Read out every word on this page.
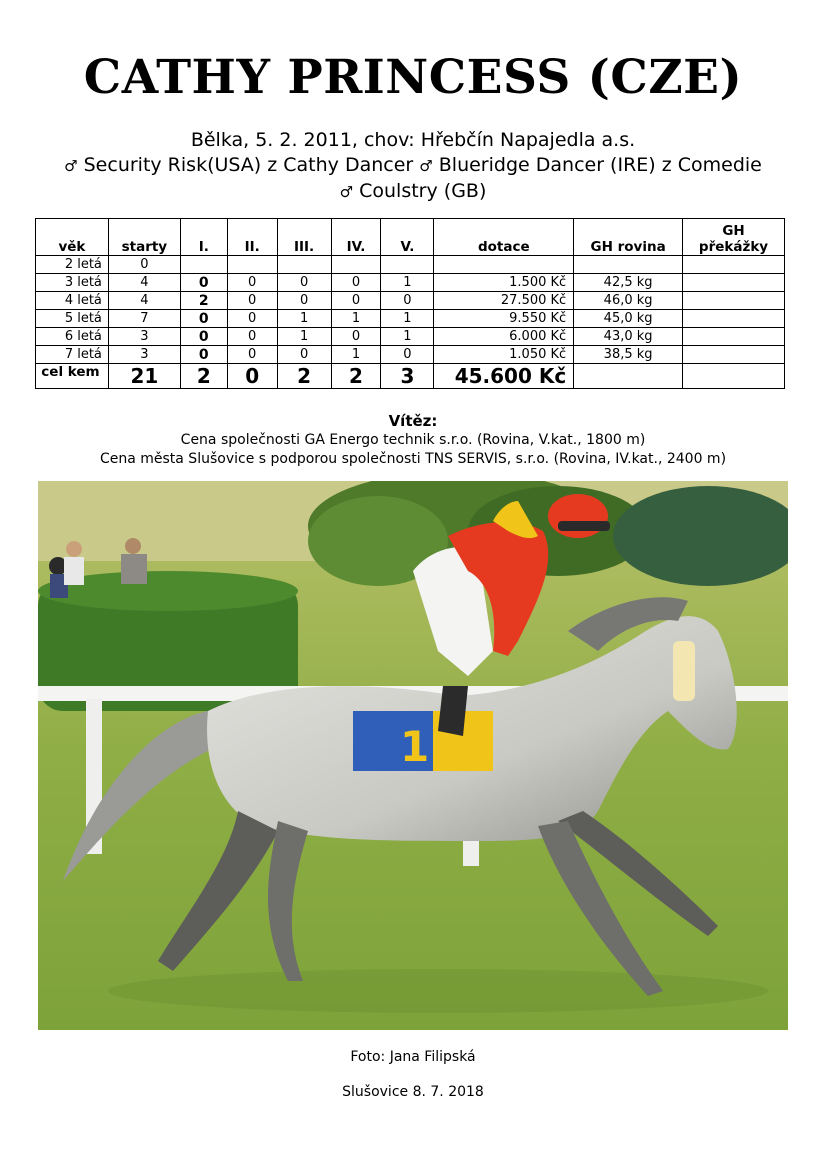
CATHY PRINCESS (CZE)
Bělka, 5. 2. 2011, chov: Hřebčín Napajedla a.s.
♂ Security Risk(USA) z Cathy Dancer ♂ Blueridge Dancer (IRE) z Comedie
♂ Coulstry (GB)
věk	starty	I.	II.	III.	IV.	V.	dotace	GH rovina	GH překážky
2 letá	0								
3 letá	4	0	0	0	0	1	1.500 Kč	42,5 kg	
4 letá	4	2	0	0	0	0	27.500 Kč	46,0 kg	
5 letá	7	0	0	1	1	1	9.550 Kč	45,0 kg	
6 letá	3	0	0	1	0	1	6.000 Kč	43,0 kg	
7 letá	3	0	0	0	1	0	1.050 Kč	38,5 kg	
cel kem	21	2	0	2	2	3	45.600 Kč		
Vítěz:
Cena společnosti GA Energo technik s.r.o. (Rovina, V.kat., 1800 m)
Cena města Slušovice s podporou společnosti TNS SERVIS, s.r.o. (Rovina, IV.kat., 2400 m)
1
Foto: Jana Filipská
Slušovice 8. 7. 2018
